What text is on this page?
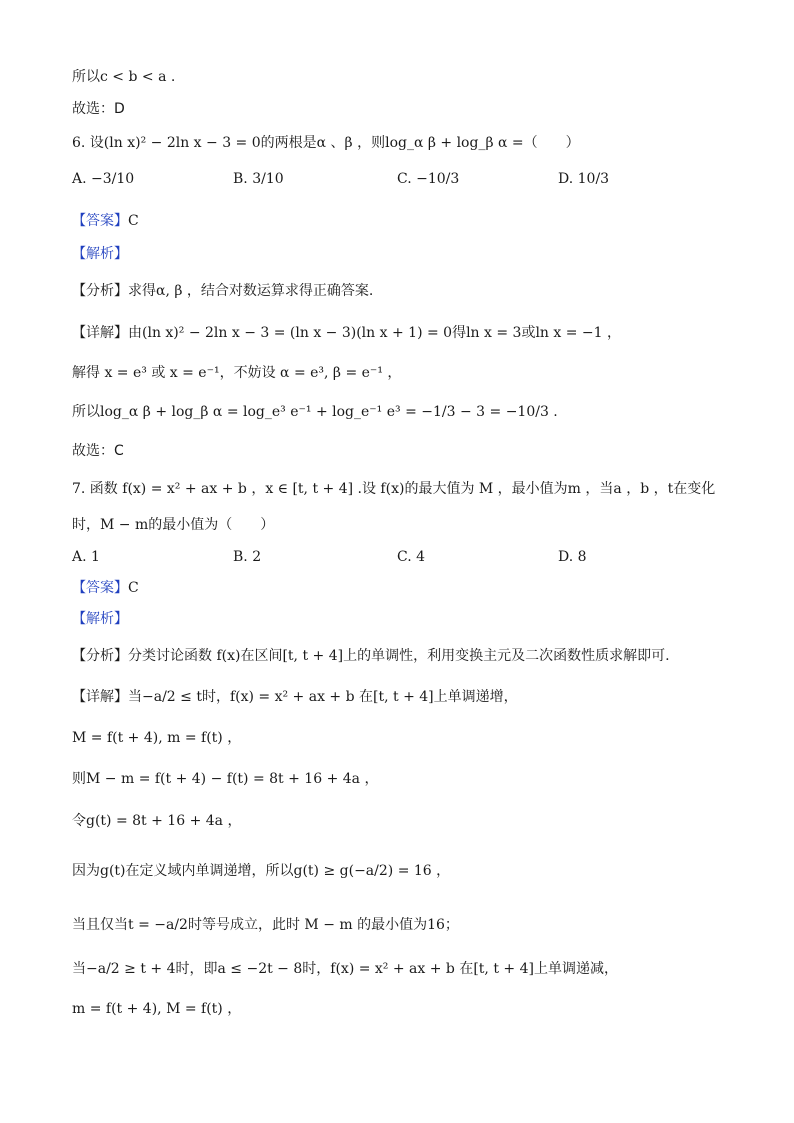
所以c < b < a .
故选：D
6. 设(ln x)² − 2ln x − 3 = 0的两根是α 、β ，则log_α β + log_β α =（　　）
A. −3/10	B. 3/10	C. −10/3	D. 10/3
【答案】C
【解析】
【分析】求得α, β ，结合对数运算求得正确答案.
【详解】由(ln x)² − 2ln x − 3 = (ln x − 3)(ln x + 1) = 0得ln x = 3或ln x = −1 ，
解得 x = e³ 或 x = e⁻¹，不妨设 α = e³, β = e⁻¹ ，
所以log_α β + log_β α = log_e³ e⁻¹ + log_e⁻¹ e³ = −1/3 − 3 = −10/3 .
故选：C
7. 函数 f(x) = x² + ax + b ，x ∈ [t, t + 4] .设 f(x)的最大值为 M ，最小值为m ，当a ，b ，t在变化
时，M − m的最小值为（　　）
A. 1	B. 2	C. 4	D. 8
【答案】C
【解析】
【分析】分类讨论函数 f(x)在区间[t, t + 4]上的单调性，利用变换主元及二次函数性质求解即可.
【详解】当−a/2 ≤ t时，f(x) = x² + ax + b 在[t, t + 4]上单调递增，
M = f(t + 4), m = f(t) ，
则M − m = f(t + 4) − f(t) = 8t + 16 + 4a ，
令g(t) = 8t + 16 + 4a ，
因为g(t)在定义域内单调递增，所以g(t) ≥ g(−a/2) = 16 ，
当且仅当t = −a/2时等号成立，此时 M − m 的最小值为16；
当−a/2 ≥ t + 4时，即a ≤ −2t − 8时，f(x) = x² + ax + b 在[t, t + 4]上单调递减，
m = f(t + 4), M = f(t) ，
